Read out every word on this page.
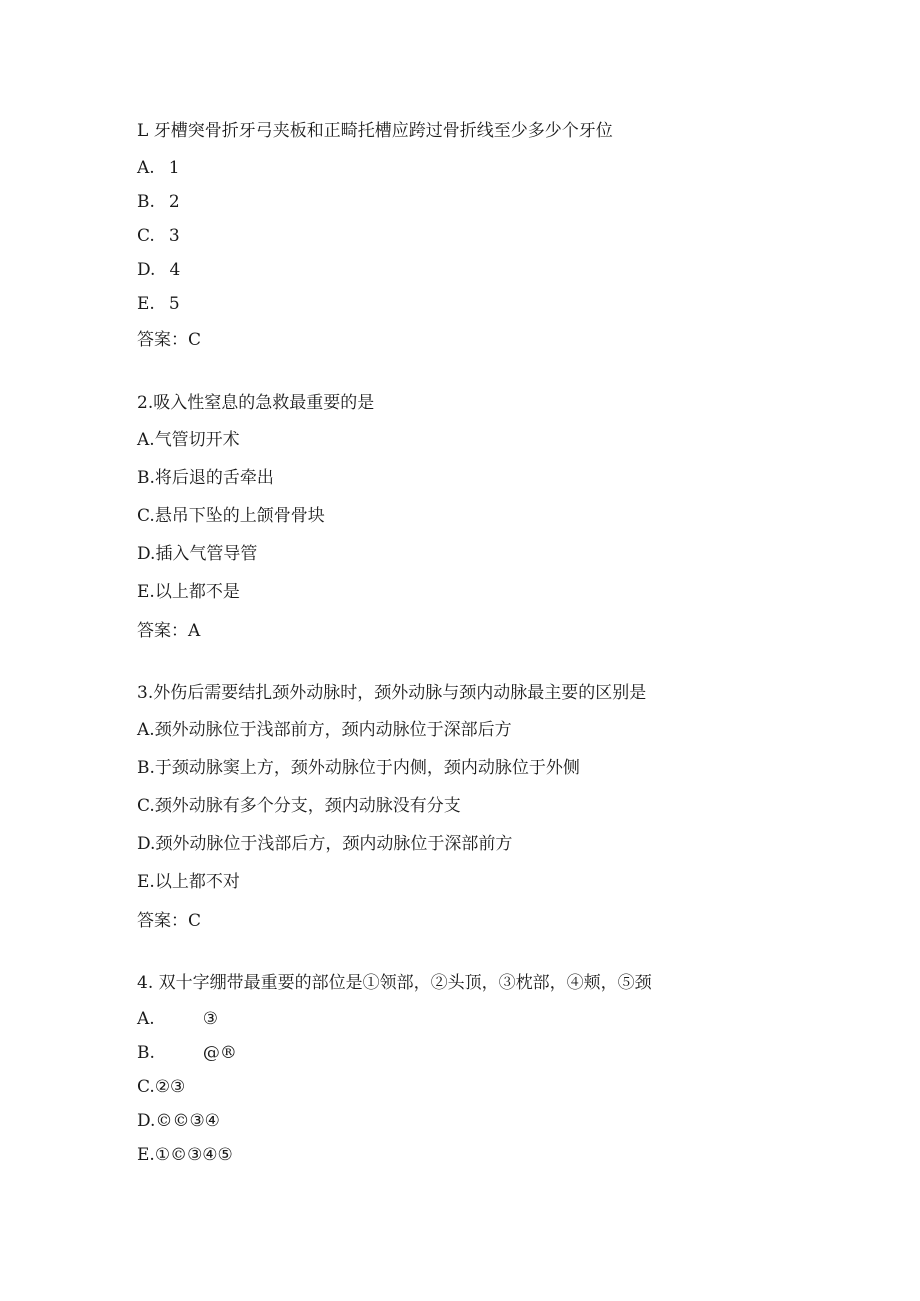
L 牙槽突骨折牙弓夹板和正畸托槽应跨过骨折线至少多少个牙位
A. 1
B. 2
C. 3
D. 4
E. 5
答案：C
2.吸入性窒息的急救最重要的是
A.气管切开术
B.将后退的舌牵出
C.悬吊下坠的上颌骨骨块
D.插入气管导管
E.以上都不是
答案：A
3.外伤后需要结扎颈外动脉时，颈外动脉与颈内动脉最主要的区别是
A.颈外动脉位于浅部前方，颈内动脉位于深部后方
B.于颈动脉窦上方，颈外动脉位于内侧，颈内动脉位于外侧
C.颈外动脉有多个分支，颈内动脉没有分支
D.颈外动脉位于浅部后方，颈内动脉位于深部前方
E.以上都不对
答案：C
4. 双十字绷带最重要的部位是①领部，②头顶，③枕部，④颊，⑤颈
A.	③
B.	@®
C.②③
D.©©③④
E.①©③④⑤
